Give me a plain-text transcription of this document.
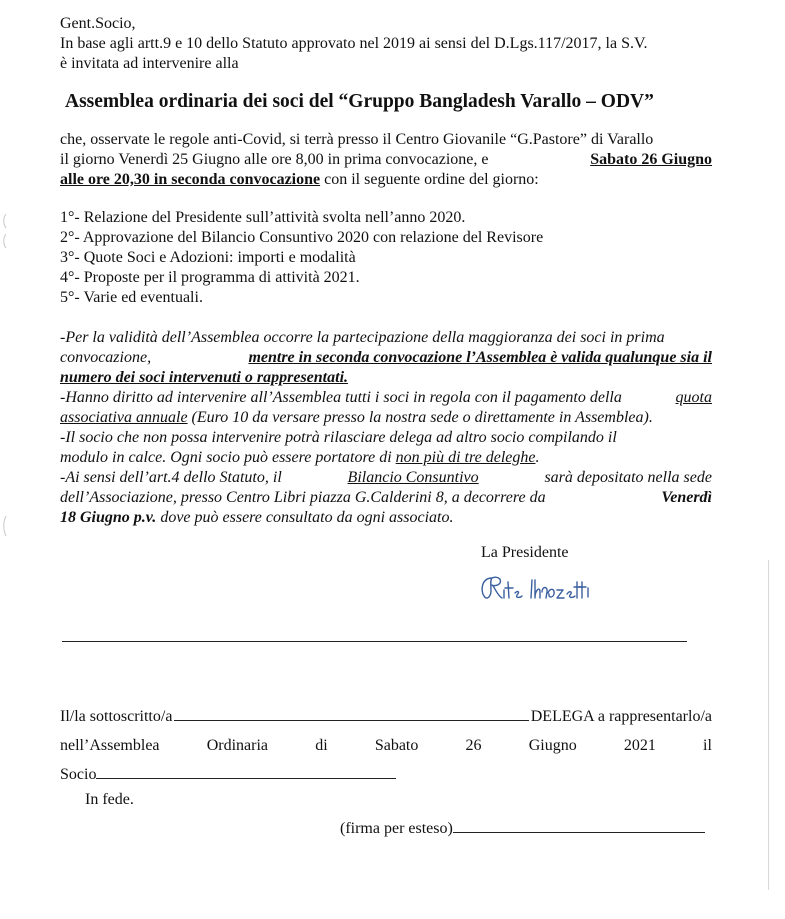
Gent.Socio,
In base agli artt.9 e 10 dello Statuto approvato nel 2019 ai sensi del D.Lgs.117/2017, la S.V.
è invitata ad intervenire alla
Assemblea ordinaria dei soci del “Gruppo Bangladesh Varallo – ODV”
che, osservate le regole anti-Covid, si terrà presso il Centro Giovanile “G.Pastore” di Varallo
il giorno Venerdì 25 Giugno alle ore 8,00 in prima convocazione, e	Sabato 26 Giugno
alle ore 20,30 in seconda convocazione con il seguente ordine del giorno:
1°- Relazione del Presidente sull’attività svolta nell’anno 2020.
2°- Approvazione del Bilancio Consuntivo 2020 con relazione del Revisore
3°- Quote Soci e Adozioni: importi e modalità
4°- Proposte per il programma di attività 2021.
5°- Varie ed eventuali.
-Per la validità dell’Assemblea occorre la partecipazione della maggioranza dei soci in prima
convocazione,	mentre in seconda convocazione l’Assemblea è valida qualunque sia il
numero dei soci intervenuti o rappresentati.
-Hanno diritto ad intervenire all’Assemblea tutti i soci in regola con il pagamento della	quota
associativa annuale (Euro 10 da versare presso la nostra sede o direttamente in Assemblea).
-Il socio che non possa intervenire potrà rilasciare delega ad altro socio compilando il
modulo in calce. Ogni socio può essere portatore di non più di tre deleghe.
-Ai sensi dell’art.4 dello Statuto, il	Bilancio Consuntivo	sarà depositato nella sede
dell’Associazione, presso Centro Libri piazza G.Calderini 8, a decorrere da	Venerdì
18 Giugno p.v. dove può essere consultato da ogni associato.
La Presidente
Il/la sottoscritto/a	DELEGA a rappresentarlo/a
nell’Assemblea	Ordinaria	di	Sabato	26	Giugno	2021	il
Socio
In fede.
(firma per esteso)
